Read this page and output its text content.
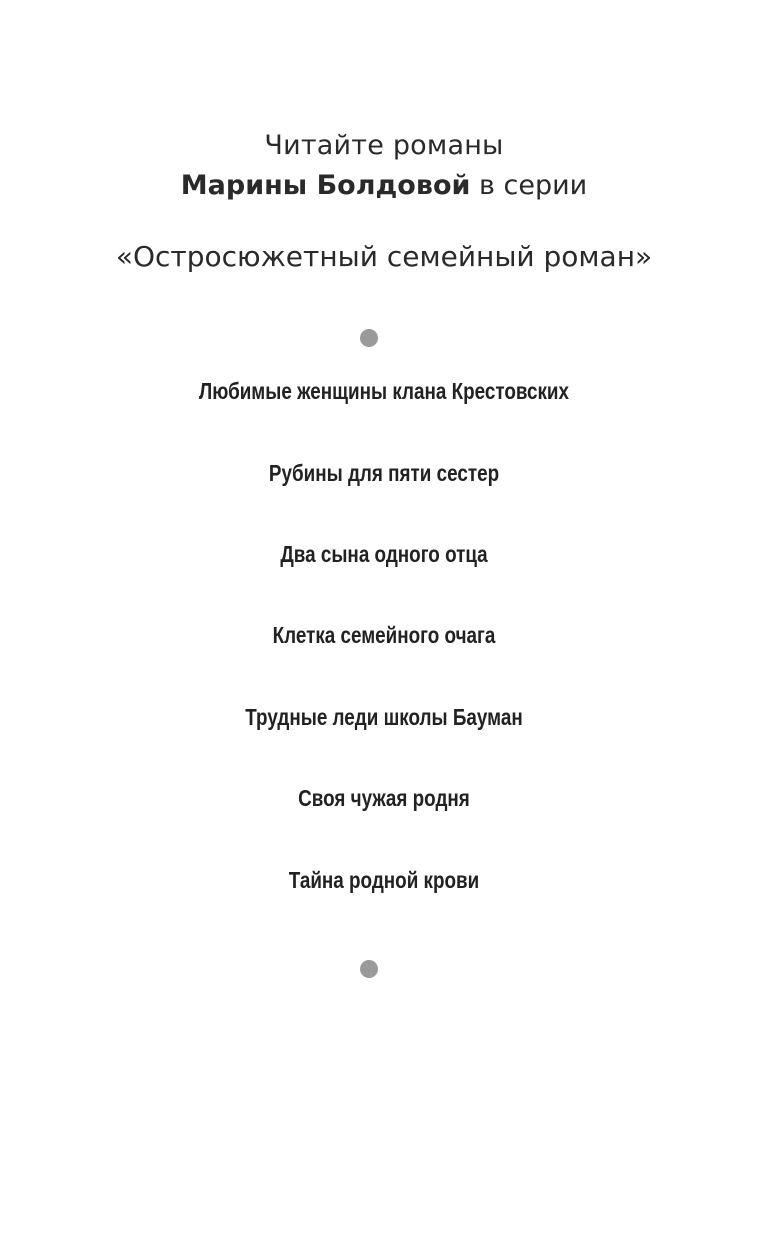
Читайте романы
Марины Болдовой в серии
«Остросюжетный семейный роман»
Любимые женщины клана Крестовских
Рубины для пяти сестер
Два сына одного отца
Клетка семейного очага
Трудные леди школы Бауман
Своя чужая родня
Тайна родной крови
